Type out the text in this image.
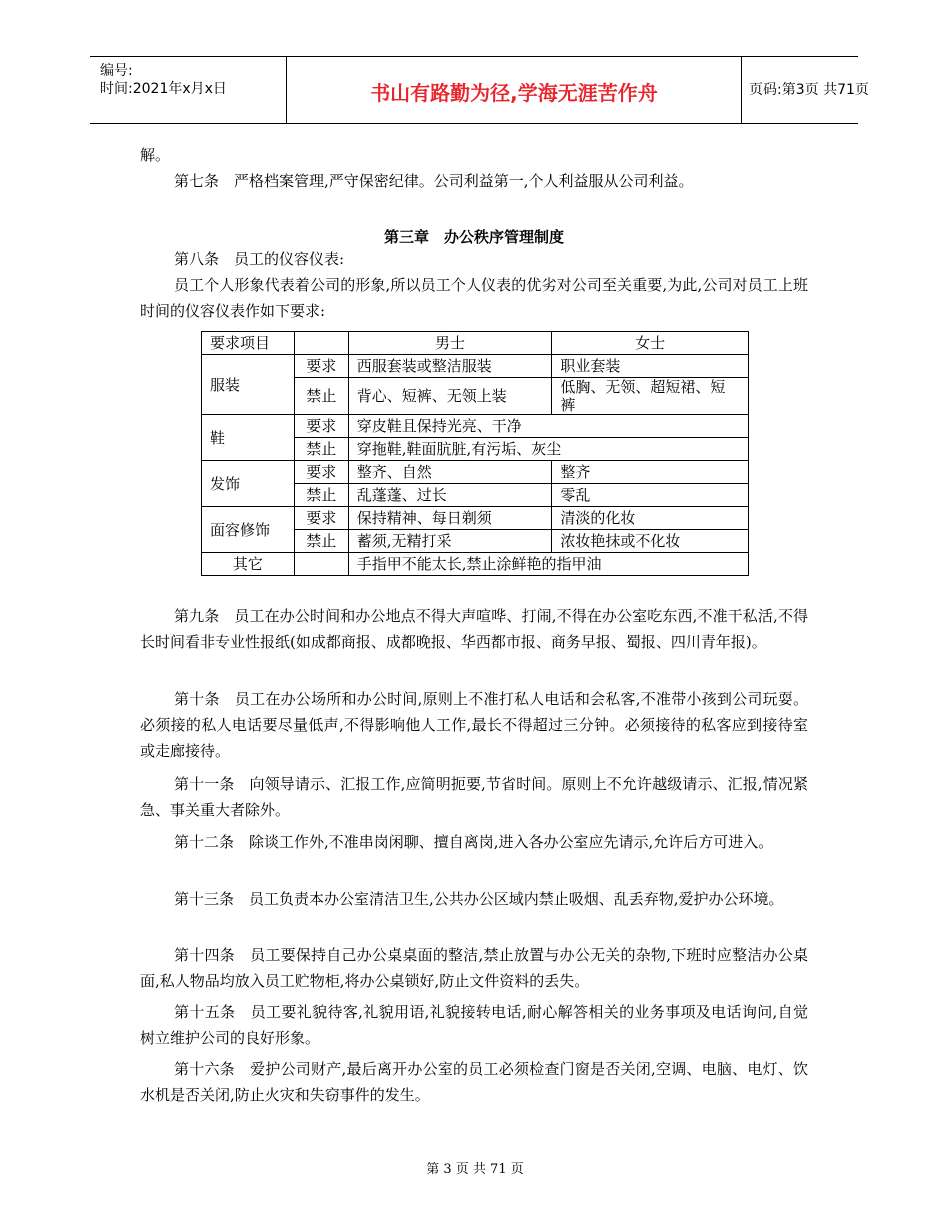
编号:
时间:2021年x月x日	书山有路勤为径,学海无涯苦作舟	页码:第3页 共71页

解。

第七条　严格档案管理,严守保密纪律。公司利益第一,个人利益服从公司利益。

第三章　办公秩序管理制度

第八条　员工的仪容仪表:

员工个人形象代表着公司的形象,所以员工个人仪表的优劣对公司至关重要,为此,公司对员工上班时间的仪容仪表作如下要求:

要求项目		男士	女士
服装	要求	西服套装或整洁服装	职业套装
	禁止	背心、短裤、无领上装	低胸、无领、超短裙、短裤
鞋	要求	穿皮鞋且保持光亮、干净	
	禁止	穿拖鞋,鞋面肮脏,有污垢、灰尘	
发饰	要求	整齐、自然	整齐
	禁止	乱蓬蓬、过长	零乱
面容修饰	要求	保持精神、每日剃须	清淡的化妆
	禁止	蓄须,无精打采	浓妆艳抹或不化妆
其它		手指甲不能太长,禁止涂鲜艳的指甲油	

第九条　员工在办公时间和办公地点不得大声喧哗、打闹,不得在办公室吃东西,不准干私活,不得长时间看非专业性报纸(如成都商报、成都晚报、华西都市报、商务早报、蜀报、四川青年报)。

第十条　员工在办公场所和办公时间,原则上不准打私人电话和会私客,不准带小孩到公司玩耍。必须接的私人电话要尽量低声,不得影响他人工作,最长不得超过三分钟。必须接待的私客应到接待室或走廊接待。

第十一条　向领导请示、汇报工作,应简明扼要,节省时间。原则上不允许越级请示、汇报,情况紧急、事关重大者除外。

第十二条　除谈工作外,不准串岗闲聊、擅自离岗,进入各办公室应先请示,允许后方可进入。

第十三条　员工负责本办公室清洁卫生,公共办公区域内禁止吸烟、乱丢弃物,爱护办公环境。

第十四条　员工要保持自己办公桌桌面的整洁,禁止放置与办公无关的杂物,下班时应整洁办公桌面,私人物品均放入员工贮物柜,将办公桌锁好,防止文件资料的丢失。

第十五条　员工要礼貌待客,礼貌用语,礼貌接转电话,耐心解答相关的业务事项及电话询问,自觉树立维护公司的良好形象。

第十六条　爱护公司财产,最后离开办公室的员工必须检查门窗是否关闭,空调、电脑、电灯、饮水机是否关闭,防止火灾和失窃事件的发生。

第 3 页 共 71 页
